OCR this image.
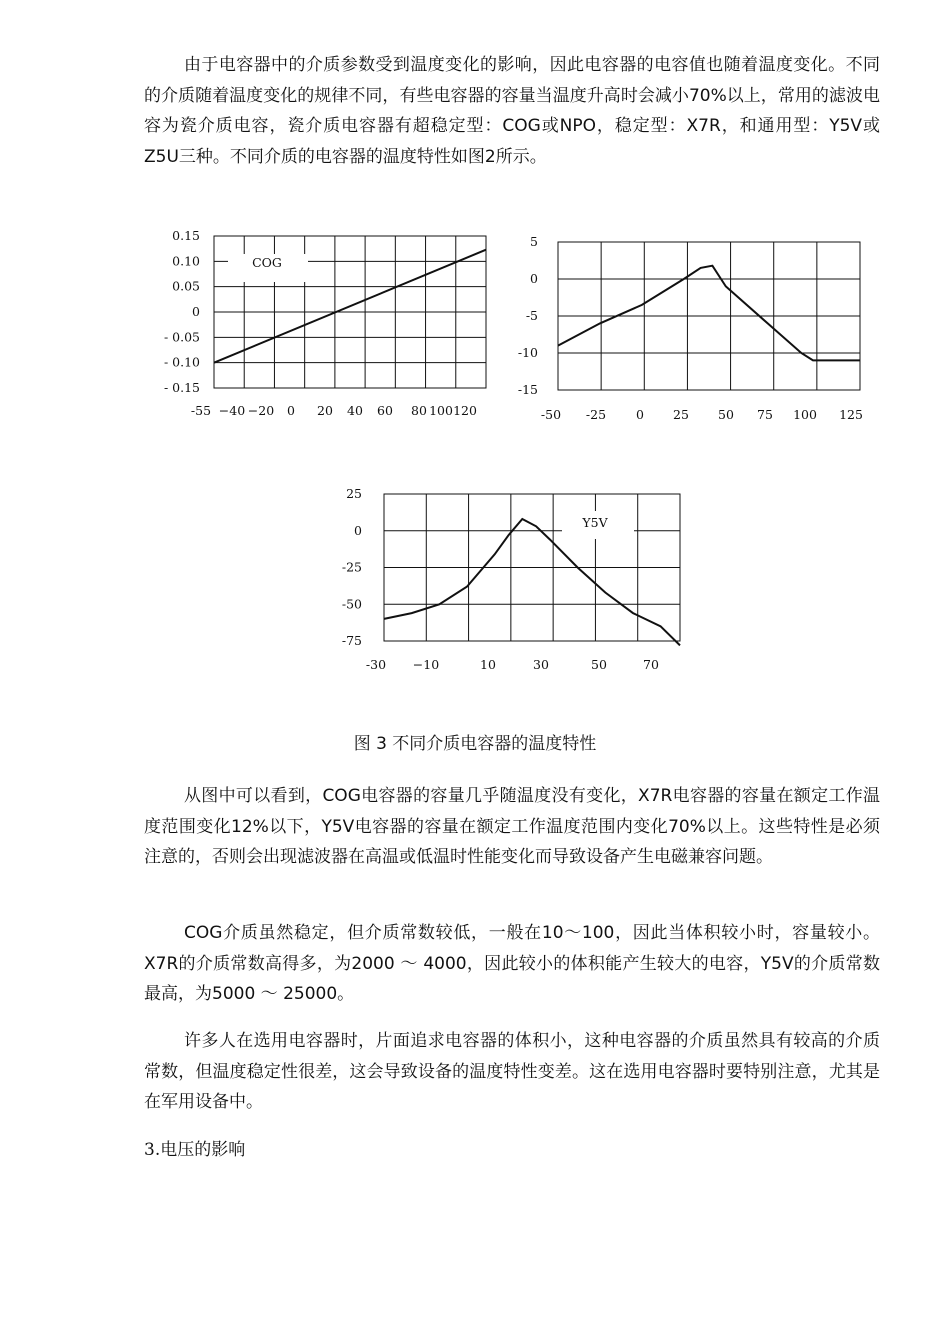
由于电容器中的介质参数受到温度变化的影响，因此电容器的电容值也随着温度变化。不同的介质随着温度变化的规律不同，有些电容器的容量当温度升高时会减小70%以上，常用的滤波电容为瓷介质电容，瓷介质电容器有超稳定型：COG或NPO，稳定型：X7R，和通用型：Y5V或Z5U三种。不同介质的电容器的温度特性如图2所示。

0.15
0.10
0.05
0
- 0.05
- 0.10
- 0.15
-55 −40 −20 0 20 40 60 80 100 120
COG
5
0
-5
-10
-15
-50 -25 0 25 50 75 100 125
25
0
-25
-50
-75
-30 −10	10	30	50	70
Y5V
图 3 不同介质电容器的温度特性

从图中可以看到，COG电容器的容量几乎随温度没有变化，X7R电容器的容量在额定工作温度范围变化12%以下，Y5V电容器的容量在额定工作温度范围内变化70%以上。这些特性是必须注意的，否则会出现滤波器在高温或低温时性能变化而导致设备产生电磁兼容问题。

COG介质虽然稳定，但介质常数较低，一般在10～100，因此当体积较小时，容量较小。X7R的介质常数高得多，为2000 ～ 4000，因此较小的体积能产生较大的电容，Y5V的介质常数最高，为5000 ～ 25000。

许多人在选用电容器时，片面追求电容器的体积小，这种电容器的介质虽然具有较高的介质常数，但温度稳定性很差，这会导致设备的温度特性变差。这在选用电容器时要特别注意，尤其是在军用设备中。

3.电压的影响
